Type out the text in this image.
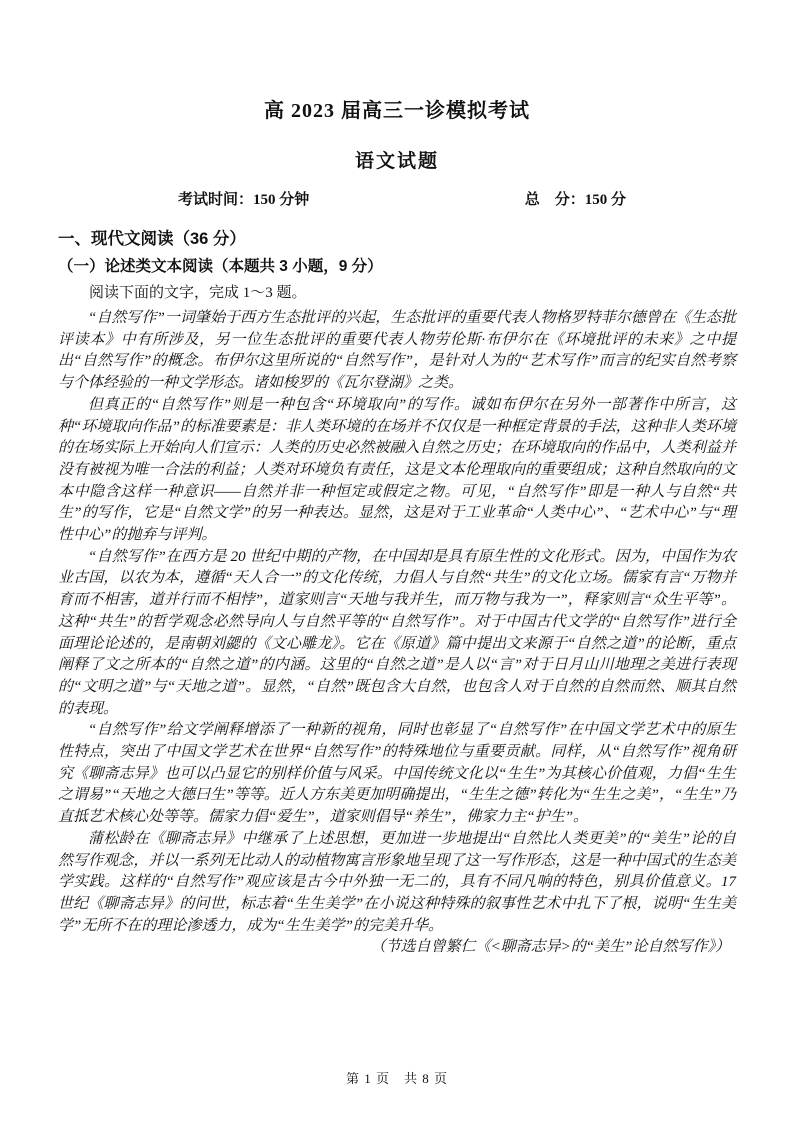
高 2023 届高三一诊模拟考试
语文试题
考试时间：150 分钟	总　分：150 分
一、现代文阅读（36 分）
（一）论述类文本阅读（本题共 3 小题，9 分）
阅读下面的文字，完成 1～3 题。

“自然写作”一词肇始于西方生态批评的兴起，生态批评的重要代表人物格罗特菲尔德曾在《生态批评读本》中有所涉及，另一位生态批评的重要代表人物劳伦斯·布伊尔在《环境批评的未来》之中提出“自然写作”的概念。布伊尔这里所说的“自然写作”，是针对人为的“艺术写作”而言的纪实自然考察与个体经验的一种文学形态。诸如梭罗的《瓦尔登湖》之类。

但真正的“自然写作”则是一种包含“环境取向”的写作。诚如布伊尔在另外一部著作中所言，这种“环境取向作品”的标准要素是：非人类环境的在场并不仅仅是一种框定背景的手法，这种非人类环境的在场实际上开始向人们宣示：人类的历史必然被融入自然之历史；在环境取向的作品中，人类利益并没有被视为唯一合法的利益；人类对环境负有责任，这是文本伦理取向的重要组成；这种自然取向的文本中隐含这样一种意识——自然并非一种恒定或假定之物。可见，“自然写作”即是一种人与自然“共生”的写作，它是“自然文学”的另一种表达。显然，这是对于工业革命“人类中心”、“艺术中心”与“理性中心”的抛弃与评判。

“自然写作”在西方是 20 世纪中期的产物，在中国却是具有原生性的文化形式。因为，中国作为农业古国，以农为本，遵循“天人合一”的文化传统，力倡人与自然“共生”的文化立场。儒家有言“万物并育而不相害，道并行而不相悖”，道家则言“天地与我并生，而万物与我为一”，释家则言“众生平等”。这种“共生”的哲学观念必然导向人与自然平等的“自然写作”。对于中国古代文学的“自然写作”进行全面理论论述的，是南朝刘勰的《文心雕龙》。它在《原道》篇中提出文来源于“自然之道”的论断，重点阐释了文之所本的“自然之道”的内涵。这里的“自然之道”是人以“言”对于日月山川地理之美进行表现的“文明之道”与“天地之道”。显然，“自然”既包含大自然，也包含人对于自然的自然而然、顺其自然的表现。

“自然写作”给文学阐释增添了一种新的视角，同时也彰显了“自然写作”在中国文学艺术中的原生性特点，突出了中国文学艺术在世界“自然写作”的特殊地位与重要贡献。同样，从“自然写作”视角研究《聊斋志异》也可以凸显它的别样价值与风采。中国传统文化以“生生”为其核心价值观，力倡“生生之谓易”“天地之大德曰生”等等。近人方东美更加明确提出，“生生之德”转化为“生生之美”，“生生”乃直抵艺术核心处等等。儒家力倡“爱生”，道家则倡导“养生”，佛家力主“护生”。

蒲松龄在《聊斋志异》中继承了上述思想，更加进一步地提出“自然比人类更美”的“美生”论的自然写作观念，并以一系列无比动人的动植物寓言形象地呈现了这一写作形态，这是一种中国式的生态美学实践。这样的“自然写作”观应该是古今中外独一无二的，具有不同凡响的特色，别具价值意义。17 世纪《聊斋志异》的问世，标志着“生生美学”在小说这种特殊的叙事性艺术中扎下了根，说明“生生美学”无所不在的理论渗透力，成为“生生美学”的完美升华。

（节选自曾繁仁《<聊斋志异>的“美生”论自然写作》）
第 1 页　共 8 页
